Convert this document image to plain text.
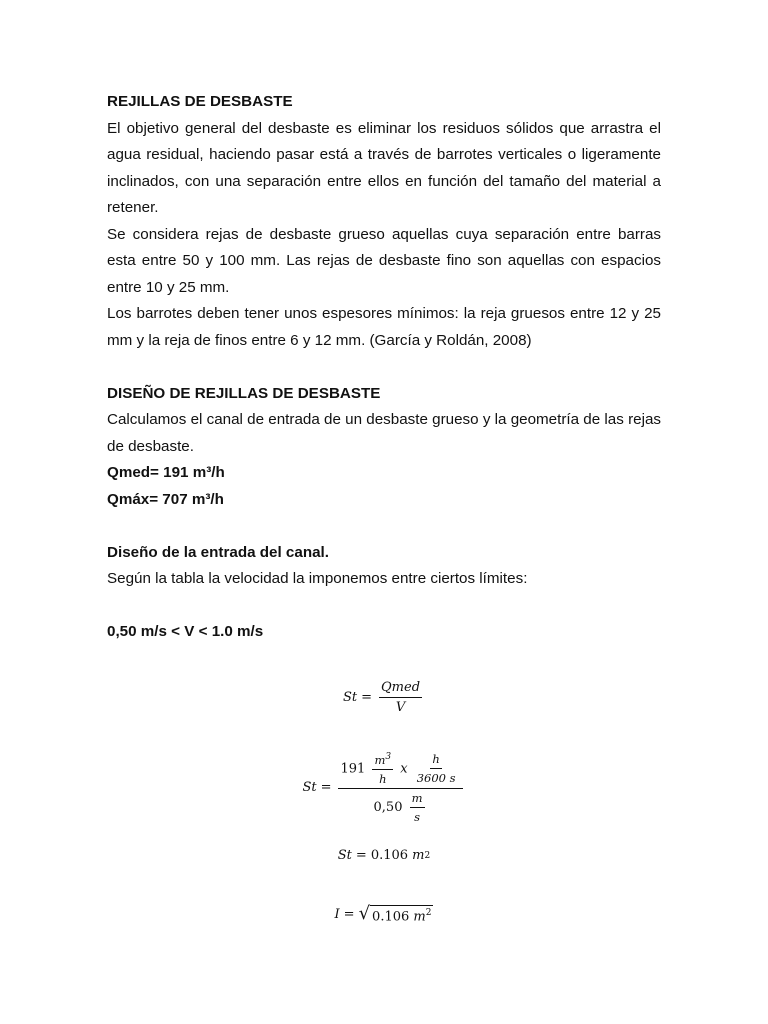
REJILLAS DE DESBASTE

El objetivo general del desbaste es eliminar los residuos sólidos que arrastra el agua residual, haciendo pasar está a través de barrotes verticales o ligeramente inclinados, con una separación entre ellos en función del tamaño del material a retener.

Se considera rejas de desbaste grueso aquellas cuya separación entre barras esta entre 50 y 100 mm. Las rejas de desbaste fino son aquellas con espacios entre 10 y 25 mm.

Los barrotes deben tener unos espesores mínimos: la reja gruesos entre 12 y 25 mm y la reja de finos entre 6 y 12 mm. (García y Roldán, 2008)

DISEÑO DE REJILLAS DE DESBASTE

Calculamos el canal de entrada de un desbaste grueso y la geometría de las rejas de desbaste.

Qmed= 191 m³/h

Qmáx= 707 m³/h

Diseño de la entrada del canal.

Según la tabla la velocidad la imponemos entre ciertos límites:

0,50 m/s < V < 1.0 m/s

$St = \frac{\text{Qmed}}{V}$
St =
$191 \frac{m^3}{h}$ x $\frac{h}{3600 s}$
$0,50 \frac{m}{s}$
St = 0.106
m 2
I = √ 0.106 $m^2$
